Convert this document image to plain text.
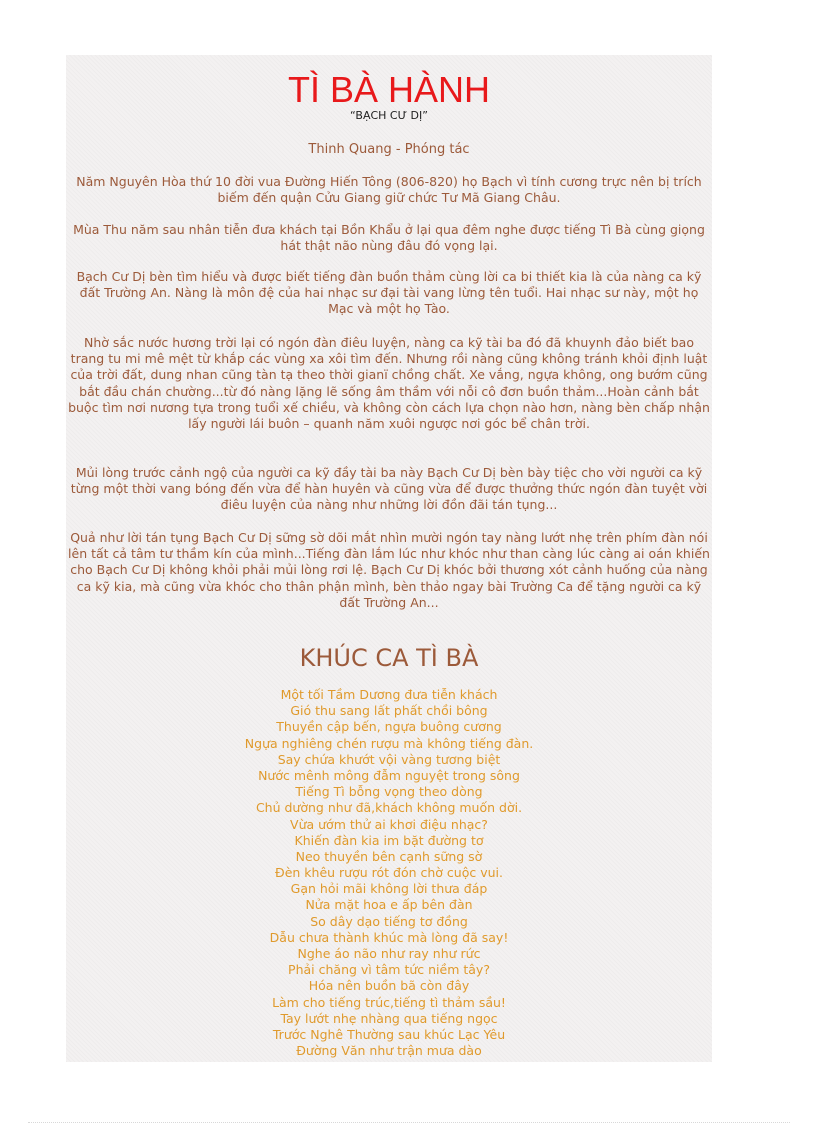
TÌ BÀ HÀNH
“BẠCH CƯ DỊ”
Thinh Quang - Phóng tác

Năm Nguyên Hòa thứ 10 đời vua Đường Hiến Tông (806-820) họ Bạch vì tính cương trực nên bị trích biếm đến quận Cửu Giang giữ chức Tư Mã Giang Châu.

Mùa Thu năm sau nhân tiễn đưa khách tại Bồn Khẩu ở lại qua đêm nghe được tiếng Tì Bà cùng giọng hát thật não nùng đâu đó vọng lại.

Bạch Cư Dị bèn tìm hiểu và được biết tiếng đàn buồn thảm cùng lời ca bi thiết kia là của nàng ca kỹ đất Trường An. Nàng là môn đệ của hai nhạc sư đại tài vang lừng tên tuổi. Hai nhạc sư này, một họ Mạc và một họ Tào.

Nhờ sắc nước hương trời lại có ngón đàn điêu luyện, nàng ca kỹ tài ba đó đã khuynh đảo biết bao trang tu mi mê mệt từ khắp các vùng xa xôi tìm đến. Nhưng rồi nàng cũng không tránh khỏi định luật của trời đất, dung nhan cũng tàn tạ theo thời gianï chồng chất. Xe vắng, ngựa không, ong bướm cũng bắt đầu chán chường...từ đó nàng lặng lẽ sống âm thầm với nỗi cô đơn buồn thảm...Hoàn cảnh bắt buộc tìm nơi nương tựa trong tuổi xế chiều, và không còn cách lựa chọn nào hơn, nàng bèn chấp nhận lấy người lái buôn – quanh năm xuôi ngược nơi góc bể chân trời.

Mủi lòng trước cảnh ngộ của người ca kỹ đầy tài ba này Bạch Cư Dị bèn bày tiệc cho vời người ca kỹ từng một thời vang bóng đến vừa để hàn huyên và cũng vừa để được thưởng thức ngón đàn tuyệt vời điêu luyện của nàng như những lời đồn đãi tán tụng...

Quả như lời tán tụng Bạch Cư Dị sững sờ dõi mắt nhìn mười ngón tay nàng lướt nhẹ trên phím đàn nói lên tất cả tâm tư thầm kín của mình...Tiếng đàn lắm lúc như khóc như than càng lúc càng ai oán khiến cho Bạch Cư Dị không khỏi phải mủi lòng rơi lệ. Bạch Cư Dị khóc bởi thương xót cảnh huống của nàng ca kỹ kia, mà cũng vừa khóc cho thân phận mình, bèn thảo ngay bài Trường Ca để tặng người ca kỹ đất Trường An...

KHÚC CA TÌ BÀ
Một tối Tầm Dương đưa tiễn khách
Gió thu sang lất phất chồi bông
Thuyền cập bến, ngựa buông cương
Ngựa nghiêng chén rượu mà không tiếng đàn.
Say chứa khướt vội vàng tương biệt
Nước mênh mông đẫm nguyệt trong sông
Tiếng Tì bỗng vọng theo dòng
Chủ dường như đã,khách không muốn dời.
Vừa ướm thử ai khơi điệu nhạc?
Khiến đàn kia im bặt đường tơ
Neo thuyền bên cạnh sững sờ
Đèn khêu rượu rót đón chờ cuộc vui.
Gạn hỏi mãi không lời thưa đáp
Nửa mặt hoa e ấp bên đàn
So dây dạo tiếng tơ đồng
Dẫu chưa thành khúc mà lòng đã say!
Nghe áo não như ray như rức
Phải chăng vì tâm tức niềm tây?
Hóa nên buồn bã còn đây
Làm cho tiếng trúc,tiếng tì thảm sầu!
Tay lướt nhẹ nhàng qua tiếng ngọc
Trước Nghê Thường sau khúc Lạc Yêu
Đường Văn như trận mưa dào
